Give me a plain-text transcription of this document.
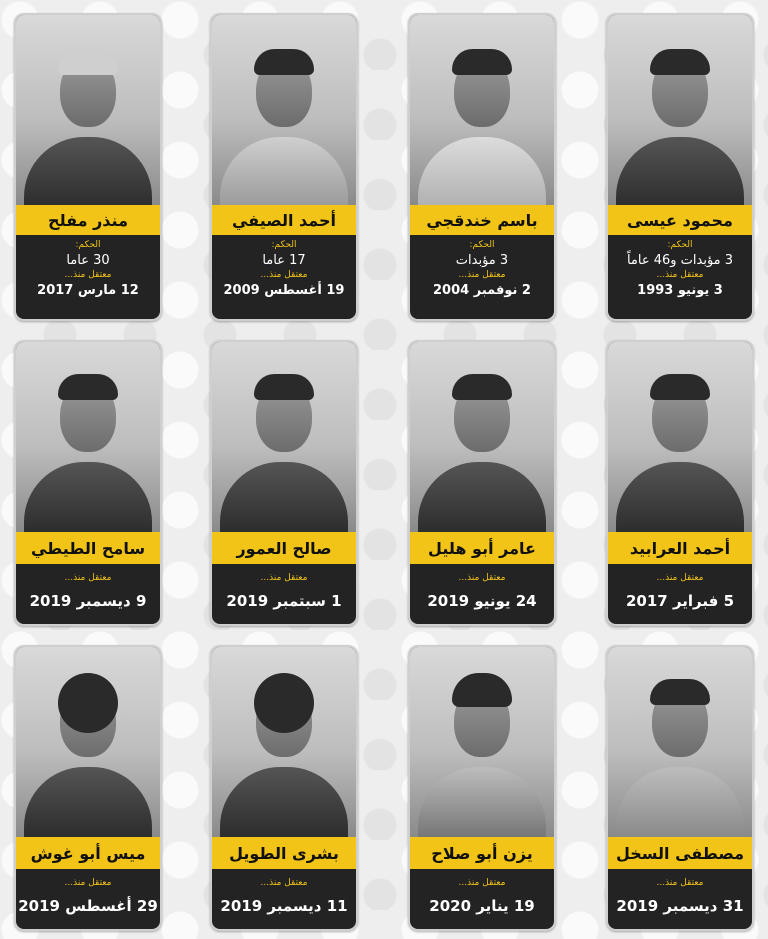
منذر مفلح
الحكم:
30 عاما
معتقل منذ...
12 مارس 2017
أحمد الصيفي
الحكم:
17 عاما
معتقل منذ...
19 أغسطس 2009
باسم خندقجي
الحكم:
3 مؤبدات
معتقل منذ...
2 نوفمبر 2004
محمود عيسى
الحكم:
3 مؤبدات و46 عاماً
معتقل منذ...
3 يونيو 1993
سامح الطيطي
معتقل منذ...
9 ديسمبر 2019
صالح العمور
معتقل منذ...
1 سبتمبر 2019
عامر أبو هليل
معتقل منذ...
24 يونيو 2019
أحمد العرابيد
معتقل منذ...
5 فبراير 2017
ميس أبو غوش
معتقل منذ...
29 أغسطس 2019
بشرى الطويل
معتقل منذ...
11 ديسمبر 2019
يزن أبو صلاح
معتقل منذ...
19 يناير 2020
مصطفى السخل
معتقل منذ...
31 ديسمبر 2019
